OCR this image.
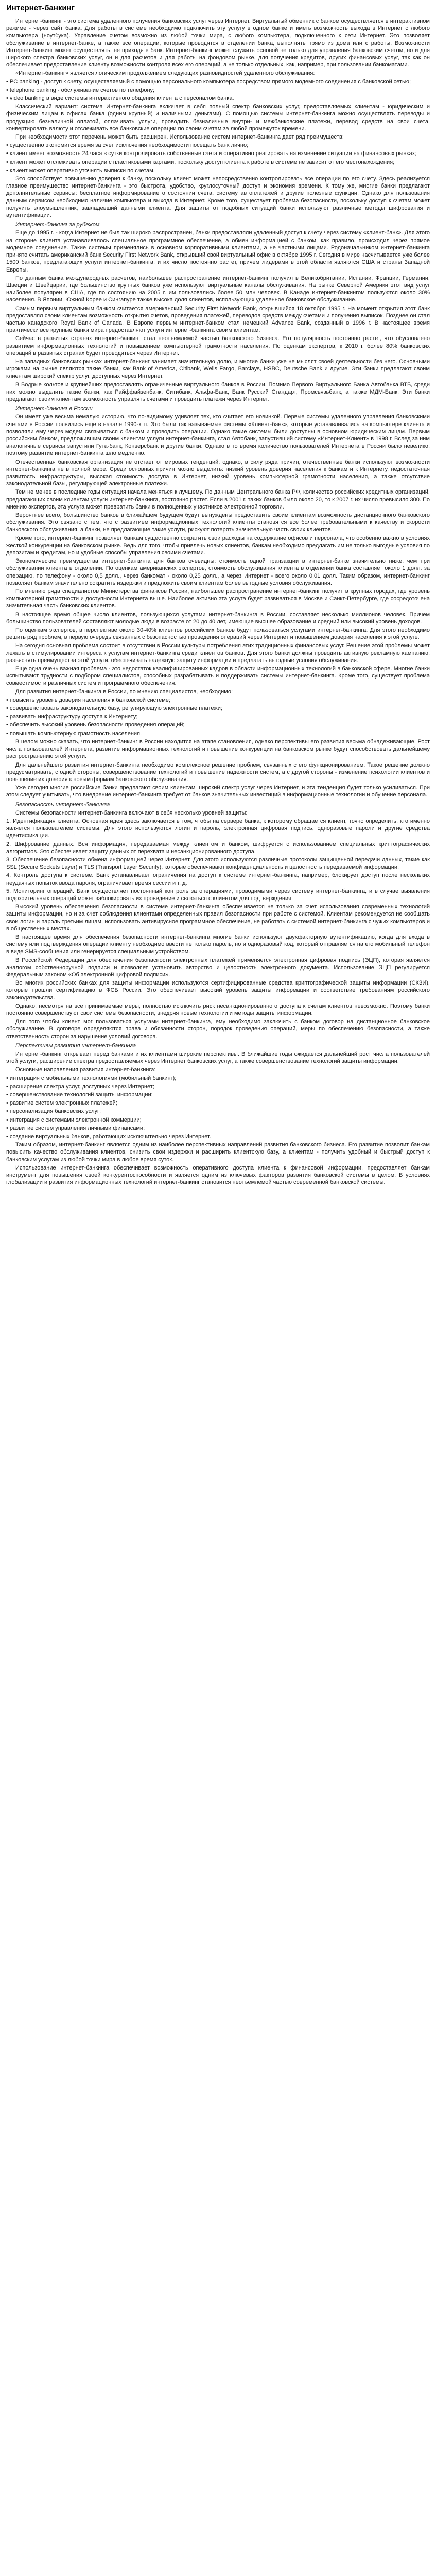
Интернет-банкинг

Интернет-банкинг - это система удаленного получения банковских услуг через Интернет. Виртуальный обменник с банком осуществляется в интерактивном режиме - через сайт банка. Для работы в системе необходимо подключить эту услугу в одном банке и иметь возможность выхода в Интернет с любого компьютера (ноутбука). Управление счетом возможно из любой точки мира, с любого компьютера, подключенного к сети Интернет. Это позволяет обслуживание в интернет-банке, а также все операции, которые проводятся в отделении банка, выполнять прямо из дома или с работы. Возможности Интернет-банкинг может осуществлять, не приходя в банк. Интернет-банкинг может служить основой не только для управления банковским счетом, но и для широкого спектра банковских услуг, он и для расчетов и для работы на фондовом рынке, для получения кредитов, других финансовых услуг, так как он обеспечивает предоставление клиенту возможности контроля всех его операций, а не только отдельных, как, например, при пользовании банкоматами.

«Интернет-банкинг» является логическим продолжением следующих разновидностей удаленного обслуживания:

• PC banking - доступ к счету, осуществляемый с помощью персонального компьютера посредством прямого модемного соединения с банковской сетью;

• telephone banking - обслуживание счетов по телефону;

• video banking в виде системы интерактивного общения клиента с персоналом банка.

Классический вариант: система Интернет-банкинга включает в себя полный спектр банковских услуг, предоставляемых клиентам - юридическим и физическим лицам в офисах банка (одним крупный) и наличными деньгами). С помощью системы интернет-банкинга можно осуществлять переводы и продукцию безналичной оплатой, оплачивать услуги, проводить безналичные внутри- и межбанковские платежи, перевод средств на свои счета, конвертировать валюту и отслеживать все банковские операции по своим счетам за любой промежуток времени.

При необходимости этот перечень может быть расширен. Использование систем интернет-банкинга дает ряд преимуществ:

• существенно экономится время за счет исключения необходимости посещать банк лично;

• клиент имеет возможность 24 часа в сутки контролировать собственные счета и оперативно реагировать на изменение ситуации на финансовых рынках;

• клиент может отслеживать операции с пластиковыми картами, поскольку доступ клиента к работе в системе не зависит от его местонахождения;

• клиент может оперативно уточнять выписки по счетам.

Это способствует повышению доверия к банку, поскольку клиент может непосредственно контролировать все операции по его счету. Здесь реализуется главное преимущество интернет-банкинга - это быстрота, удобство, круглосуточный доступ и экономия времени. К тому же, многие банки предлагают дополнительные сервисы: бесплатное информирование о состоянии счета, систему автоплатежей и другие полезные функции. Однако для пользования данным сервисом необходимо наличие компьютера и выхода в Интернет. Кроме того, существует проблема безопасности, поскольку доступ к счетам может получить злоумышленник, завладевший данными клиента. Для защиты от подобных ситуаций банки используют различные методы шифрования и аутентификации.

Интернет-банкинг за рубежом

Еще до 1995 г. - когда Интернет не был так широко распространен, банки предоставляли удаленный доступ к счету через систему «клиент-банк». Для этого на стороне клиента устанавливалось специальное программное обеспечение, а обмен информацией с банком, как правило, происходил через прямое модемное соединение. Такие системы применялись в основном корпоративными клиентами, а не частными лицами. Родоначальником интернет-банкинга принято считать американский банк Security First Network Bank, открывший свой виртуальный офис в октябре 1995 г. Сегодня в мире насчитывается уже более 1500 банков, предлагающих услуги интернет-банкинга, и их число постоянно растет, причем лидерами в этой области являются США и страны Западной Европы.

По данным банка международных расчетов, наибольшее распространение интернет-банкинг получил в Великобритании, Испании, Франции, Германии, Швеции и Швейцарии, где большинство крупных банков уже используют виртуальные каналы обслуживания. На рынке Северной Америки этот вид услуг наиболее популярен в США, где по состоянию на 2005 г. им пользовались более 50 млн человек. В Канаде интернет-банкингом пользуются около 30% населения. В Японии, Южной Корее и Сингапуре также высока доля клиентов, использующих удаленное банковское обслуживание.

Самым первым виртуальным банком считается американский Security First Network Bank, открывшийся 18 октября 1995 г. На момент открытия этот банк предоставлял своим клиентам возможность открытия счетов, проведения платежей, переводов средств между счетами и получения выписок. Позднее он стал частью канадского Royal Bank of Canada. В Европе первым интернет-банком стал немецкий Advance Bank, созданный в 1996 г. В настоящее время практически все крупные банки мира предоставляют услуги интернет-банкинга своим клиентам.

Сейчас в развитых странах интернет-банкинг стал неотъемлемой частью банковского бизнеса. Его популярность постоянно растет, что обусловлено развитием информационных технологий и повышением компьютерной грамотности населения. По оценкам экспертов, к 2010 г. более 80% банковских операций в развитых странах будет проводиться через Интернет.

На западных банковских рынках интернет-банкинг занимает значительную долю, и многие банки уже не мыслят своей деятельности без него. Основными игроками на рынке являются такие банки, как Bank of America, Citibank, Wells Fargo, Barclays, HSBC, Deutsche Bank и другие. Эти банки предлагают своим клиентам широкий спектр услуг, доступных через Интернет.

В Бодрые кольтов и крупнейших предоставлять ограниченные виртуального банков в России. Помимо Первого Виртуального Банка Автобанка ВТБ, среди них можно выделить такие банки, как Райффайзенбанк, Ситибанк, Альфа-Банк, Банк Русский Стандарт, Промсвязьбанк, а также МДМ-Банк. Эти банки предлагают своим клиентам возможность управлять счетами и проводить платежи через Интернет.

Интернет-банкинг в России

Он имеет уже весьма немалую историю, что по-видимому удивляет тех, кто считает его новинкой. Первые системы удаленного управления банковскими счетами в России появились еще в начале 1990-х гг. Это были так называемые системы «Клиент-банк», которые устанавливались на компьютере клиента и позволяли ему через модем связываться с банком и проводить операции. Однако такие системы были доступны в основном юридическим лицам. Первым российским банком, предложившим своим клиентам услуги интернет-банкинга, стал Автобанк, запустивший систему «Интернет-Клиент» в 1998 г. Вслед за ним аналогичные сервисы запустили Гута-банк, Конверсбанк и другие банки. Однако в то время количество пользователей Интернета в России было невелико, поэтому развитие интернет-банкинга шло медленно.

Отечественная банковская организация не отстает от мировых тенденций, однако, в силу ряда причин, отечественные банки используют возможности интернет-банкинга не в полной мере. Среди основных причин можно выделить: низкий уровень доверия населения к банкам и к Интернету, недостаточная развитость инфраструктуры, высокая стоимость доступа в Интернет, низкий уровень компьютерной грамотности населения, а также отсутствие законодательной базы, регулирующей электронные платежи.

Тем не менее в последние годы ситуация начала меняться к лучшему. По данным Центрального банка РФ, количество российских кредитных организаций, предлагающих своим клиентам услуги интернет-банкинга, постоянно растет. Если в 2001 г. таких банков было около 20, то к 2007 г. их число превысило 300. По мнению экспертов, эта услуга может превратить банки в полноценных участников электронной торговли.

Вероятнее всего, большинство банков в ближайшем будущем будут вынуждены предоставить своим клиентам возможность дистанционного банковского обслуживания. Это связано с тем, что с развитием информационных технологий клиенты становятся все более требовательными к качеству и скорости банковского обслуживания, а банки, не предлагающие такие услуги, рискуют потерять значительную часть своих клиентов.

Кроме того, интернет-банкинг позволяет банкам существенно сократить свои расходы на содержание офисов и персонала, что особенно важно в условиях жесткой конкуренции на банковском рынке. Ведь для того, чтобы привлечь новых клиентов, банкам необходимо предлагать им не только выгодные условия по депозитам и кредитам, но и удобные способы управления своими счетами.

Экономические преимущества интернет-банкинга для банков очевидны: стоимость одной транзакции в интернет-банке значительно ниже, чем при обслуживании клиента в отделении. По оценкам американских экспертов, стоимость обслуживания клиента в отделении банка составляет около 1 долл. за операцию, по телефону - около 0,5 долл., через банкомат - около 0,25 долл., а через Интернет - всего около 0,01 долл. Таким образом, интернет-банкинг позволяет банкам значительно сократить издержки и предложить своим клиентам более выгодные условия обслуживания.

По мнению ряда специалистов Министерства финансов России, наибольшее распространение интернет-банкинг получит в крупных городах, где уровень компьютерной грамотности и доступности Интернета выше. Наиболее активно эта услуга будет развиваться в Москве и Санкт-Петербурге, где сосредоточена значительная часть банковских клиентов.

В настоящее время общее число клиентов, пользующихся услугами интернет-банкинга в России, составляет несколько миллионов человек. Причем большинство пользователей составляют молодые люди в возрасте от 20 до 40 лет, имеющие высшее образование и средний или высокий уровень доходов.

По оценкам экспертов, в перспективе около 30-40% клиентов российских банков будут пользоваться услугами интернет-банкинга. Для этого необходимо решить ряд проблем, в первую очередь связанных с безопасностью проведения операций через Интернет и повышением доверия населения к этой услуге.

На сегодня основная проблема состоит в отсутствии в России культуры потребления этих традиционных финансовых услуг. Решение этой проблемы может лежать в стимулировании интереса к услугам интернет-банкинга среди клиентов банков. Для этого банки должны проводить активную рекламную кампанию, разъяснять преимущества этой услуги, обеспечивать надежную защиту информации и предлагать выгодные условия обслуживания.

Еще одна очень важная проблема - это недостаток квалифицированных кадров в области информационных технологий в банковской сфере. Многие банки испытывают трудности с подбором специалистов, способных разрабатывать и поддерживать системы интернет-банкинга. Кроме того, существует проблема совместимости различных систем и программного обеспечения.

Для развития интернет-банкинга в России, по мнению специалистов, необходимо:

• повысить уровень доверия населения к банковской системе;

• совершенствовать законодательную базу, регулирующую электронные платежи;

• развивать инфраструктуру доступа к Интернету;

• обеспечить высокий уровень безопасности проведения операций;

• повышать компьютерную грамотность населения.

В целом можно сказать, что интернет-банкинг в России находится на этапе становления, однако перспективы его развития весьма обнадеживающие. Рост числа пользователей Интернета, развитие информационных технологий и повышение конкуренции на банковском рынке будут способствовать дальнейшему распространению этой услуги.

Для дальнейшего развития интернет-банкинга необходимо комплексное решение проблем, связанных с его функционированием. Такое решение должно предусматривать, с одной стороны, совершенствование технологий и повышение надежности систем, а с другой стороны - изменение психологии клиентов и повышение их доверия к новым формам банковского обслуживания.

Уже сегодня многие российские банки предлагают своим клиентам широкий спектр услуг через Интернет, и эта тенденция будет только усиливаться. При этом следует учитывать, что внедрение интернет-банкинга требует от банков значительных инвестиций в информационные технологии и обучение персонала.

Безопасность интернет-банкинга

Системы безопасности интернет-банкинга включают в себя несколько уровней защиты:

1. Идентификация клиента. Основная идея здесь заключается в том, чтобы на сервере банка, к которому обращается клиент, точно определить, кто именно является пользователем системы. Для этого используются логин и пароль, электронная цифровая подпись, одноразовые пароли и другие средства идентификации.

2. Шифрование данных. Вся информация, передаваемая между клиентом и банком, шифруется с использованием специальных криптографических алгоритмов. Это обеспечивает защиту данных от перехвата и несанкционированного доступа.

3. Обеспечение безопасности обмена информацией через Интернет. Для этого используются различные протоколы защищенной передачи данных, такие как SSL (Secure Sockets Layer) и TLS (Transport Layer Security), которые обеспечивают конфиденциальность и целостность передаваемой информации.

4. Контроль доступа к системе. Банк устанавливает ограничения на доступ к системе интернет-банкинга, например, блокирует доступ после нескольких неудачных попыток ввода пароля, ограничивает время сессии и т. д.

5. Мониторинг операций. Банк осуществляет постоянный контроль за операциями, проводимыми через систему интернет-банкинга, и в случае выявления подозрительных операций может заблокировать их проведение и связаться с клиентом для подтверждения.

Высокий уровень обеспечения безопасности в системе интернет-банкинга обеспечивается не только за счет использования современных технологий защиты информации, но и за счет соблюдения клиентами определенных правил безопасности при работе с системой. Клиентам рекомендуется не сообщать свои логин и пароль третьим лицам, использовать антивирусное программное обеспечение, не работать с системой интернет-банкинга с чужих компьютеров и в общественных местах.

В настоящее время для обеспечения безопасности интернет-банкинга многие банки используют двухфакторную аутентификацию, когда для входа в систему или подтверждения операции клиенту необходимо ввести не только пароль, но и одноразовый код, который отправляется на его мобильный телефон в виде SMS-сообщения или генерируется специальным устройством.

В Российской Федерации для обеспечения безопасности электронных платежей применяется электронная цифровая подпись (ЭЦП), которая является аналогом собственноручной подписи и позволяет установить авторство и целостность электронного документа. Использование ЭЦП регулируется Федеральным законом «Об электронной цифровой подписи».

Во многих российских банках для защиты информации используются сертифицированные средства криптографической защиты информации (СКЗИ), которые прошли сертификацию в ФСБ России. Это обеспечивает высокий уровень защиты информации и соответствие требованиям российского законодательства.

Однако, несмотря на все принимаемые меры, полностью исключить риск несанкционированного доступа к счетам клиентов невозможно. Поэтому банки постоянно совершенствуют свои системы безопасности, внедряя новые технологии и методы защиты информации.

Для того чтобы клиент мог пользоваться услугами интернет-банкинга, ему необходимо заключить с банком договор на дистанционное банковское обслуживание. В договоре определяются права и обязанности сторон, порядок проведения операций, меры по обеспечению безопасности, а также ответственность сторон за нарушение условий договора.

Перспективы развития интернет-банкинга

Интернет-банкинг открывает перед банками и их клиентами широкие перспективы. В ближайшие годы ожидается дальнейший рост числа пользователей этой услуги, расширение спектра предоставляемых через Интернет банковских услуг, а также совершенствование технологий защиты информации.

Основные направления развития интернет-банкинга:

• интеграция с мобильными технологиями (мобильный банкинг);

• расширение спектра услуг, доступных через Интернет;

• совершенствование технологий защиты информации;

• развитие систем электронных платежей;

• персонализация банковских услуг;

• интеграция с системами электронной коммерции;

• развитие систем управления личными финансами;

• создание виртуальных банков, работающих исключительно через Интернет.

Таким образом, интернет-банкинг является одним из наиболее перспективных направлений развития банковского бизнеса. Его развитие позволит банкам повысить качество обслуживания клиентов, снизить свои издержки и расширить клиентскую базу, а клиентам - получить удобный и быстрый доступ к банковским услугам из любой точки мира в любое время суток.

Использование интернет-банкинга обеспечивает возможность оперативного доступа клиента к финансовой информации, предоставляет банкам инструмент для повышения своей конкурентоспособности и является одним из ключевых факторов развития банковской системы в целом. В условиях глобализации и развития информационных технологий интернет-банкинг становится неотъемлемой частью современной банковской системы.
